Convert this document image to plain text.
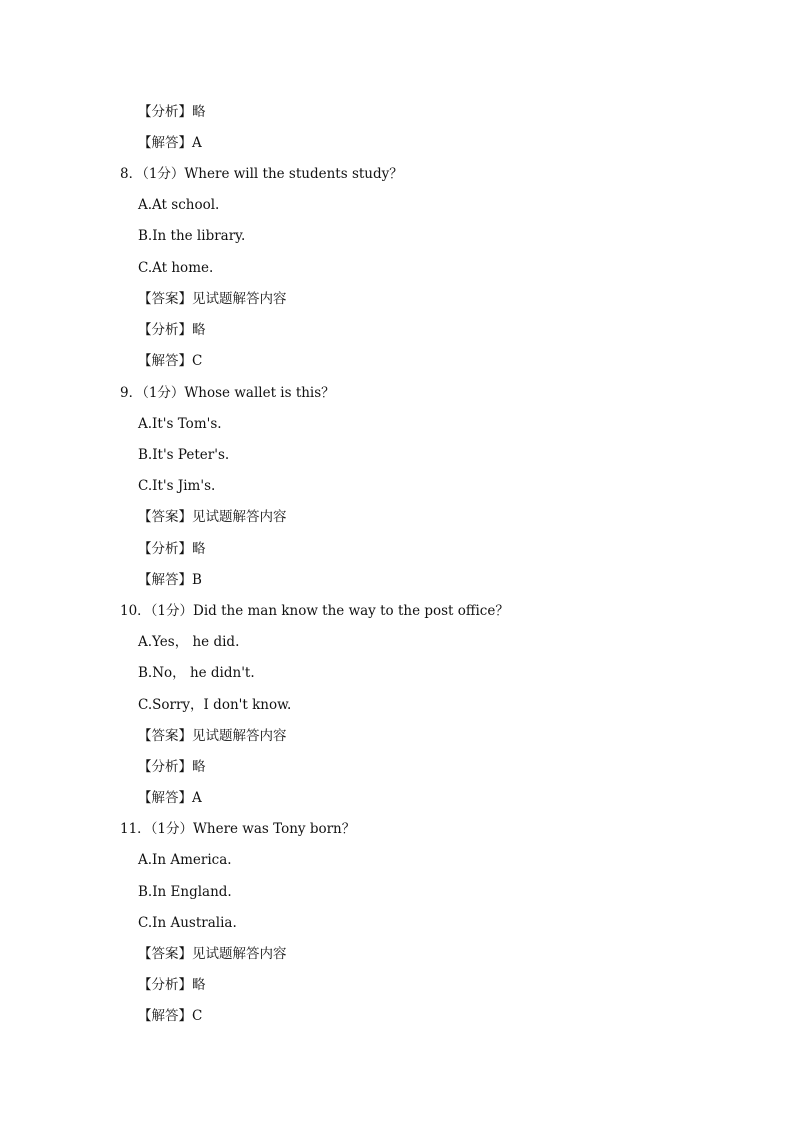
【分析】略
【解答】A
8．（1分）Where will the students study？
A.At school.
B.In the library.
C.At home.
【答案】见试题解答内容
【分析】略
【解答】C
9．（1分）Whose wallet is this？
A.It's Tom's.
B.It's Peter's.
C.It's Jim's.
【答案】见试题解答内容
【分析】略
【解答】B
10．（1分）Did the man know the way to the post office？
A.Yes， he did.
B.No， he didn't.
C.Sorry，I don't know.
【答案】见试题解答内容
【分析】略
【解答】A
11．（1分）Where was Tony born？
A.In America.
B.In England.
C.In Australia.
【答案】见试题解答内容
【分析】略
【解答】C
